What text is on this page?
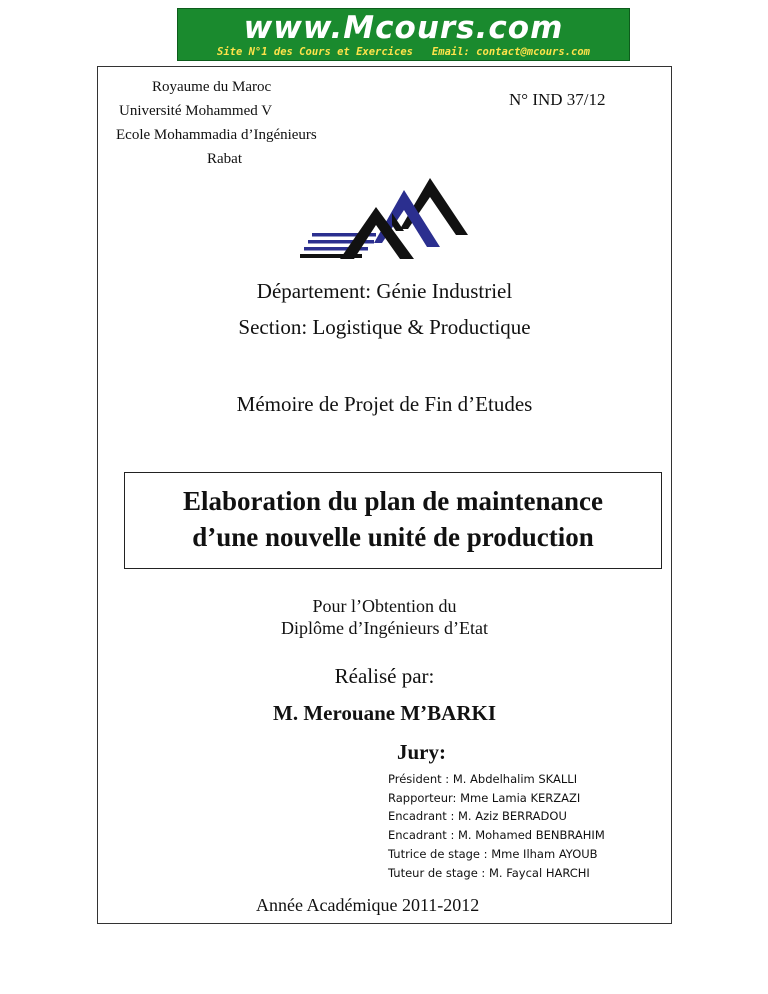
www.Mcours.com
Site N°1 des Cours et Exercices   Email: contact@mcours.com
Royaume du Maroc
Université Mohammed V
Ecole Mohammadia d’Ingénieurs
Rabat
N° IND 37/12
Département: Génie Industriel
Section: Logistique & Productique
Mémoire de Projet de Fin d’Etudes
Elaboration du plan de maintenance
d’une nouvelle unité de production
Pour l’Obtention du
Diplôme d’Ingénieurs d’Etat
Réalisé par:
M. Merouane M’BARKI
Jury:
Président : M. Abdelhalim SKALLI
Rapporteur: Mme Lamia KERZAZI
Encadrant : M. Aziz BERRADOU
Encadrant : M. Mohamed BENBRAHIM
Tutrice de stage : Mme Ilham AYOUB
Tuteur de stage : M. Faycal HARCHI
Année Académique 2011-2012
